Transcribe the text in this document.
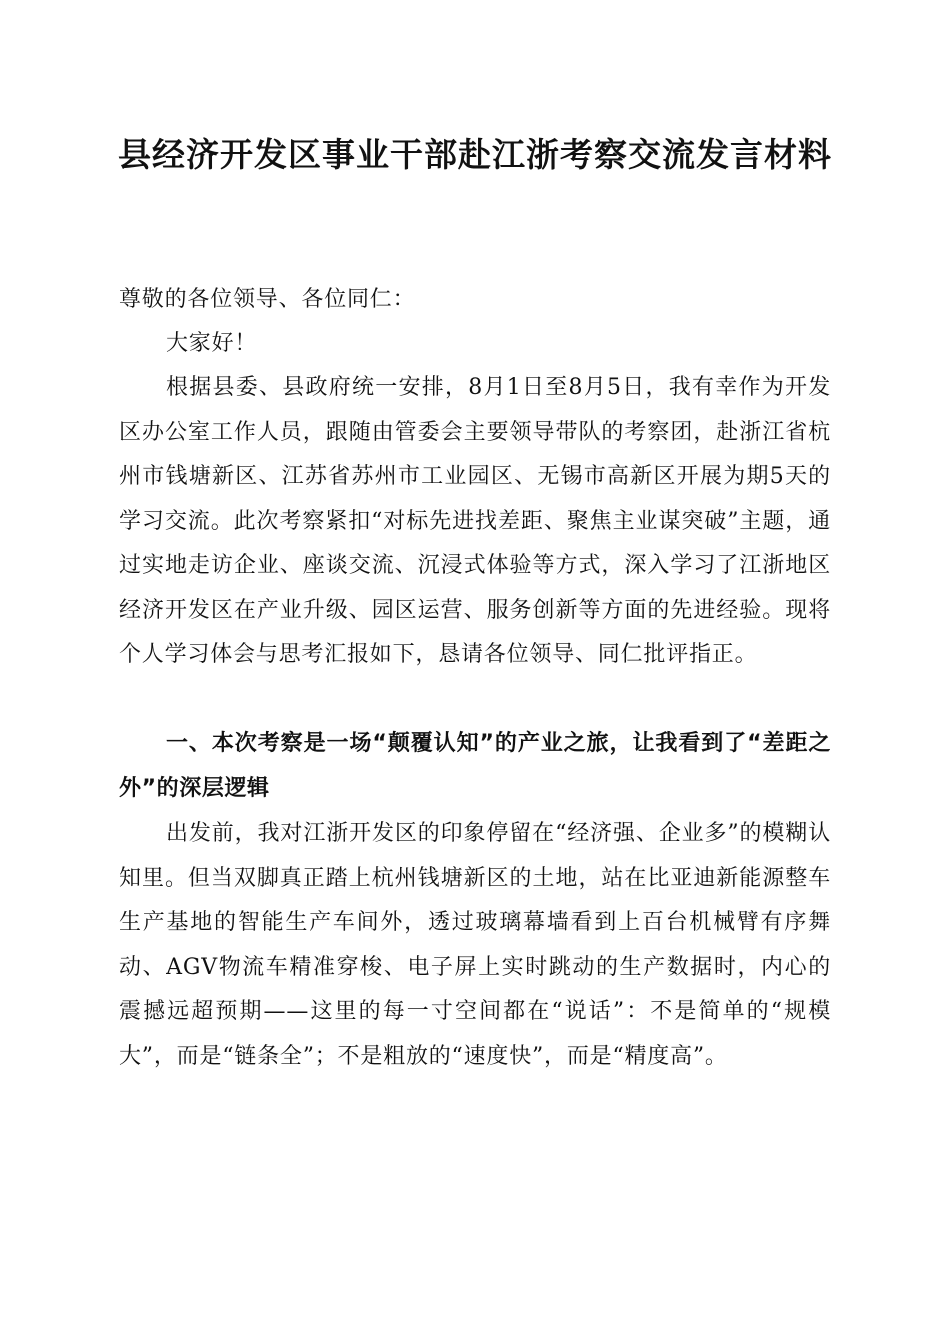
县经济开发区事业干部赴江浙考察交流发言材料

尊敬的各位领导、各位同仁：

大家好！

根据县委、县政府统一安排，8月1日至8月5日，我有幸作为开发区办公室工作人员，跟随由管委会主要领导带队的考察团，赴浙江省杭州市钱塘新区、江苏省苏州市工业园区、无锡市高新区开展为期5天的学习交流。此次考察紧扣“对标先进找差距、聚焦主业谋突破”主题，通过实地走访企业、座谈交流、沉浸式体验等方式，深入学习了江浙地区经济开发区在产业升级、园区运营、服务创新等方面的先进经验。现将个人学习体会与思考汇报如下，恳请各位领导、同仁批评指正。

一、本次考察是一场“颠覆认知”的产业之旅，让我看到了“差距之外”的深层逻辑

出发前，我对江浙开发区的印象停留在“经济强、企业多”的模糊认知里。但当双脚真正踏上杭州钱塘新区的土地，站在比亚迪新能源整车生产基地的智能生产车间外，透过玻璃幕墙看到上百台机械臂有序舞动、AGV物流车精准穿梭、电子屏上实时跳动的生产数据时，内心的震撼远超预期——这里的每一寸空间都在“说话”：不是简单的“规模大”，而是“链条全”；不是粗放的“速度快”，而是“精度高”。
